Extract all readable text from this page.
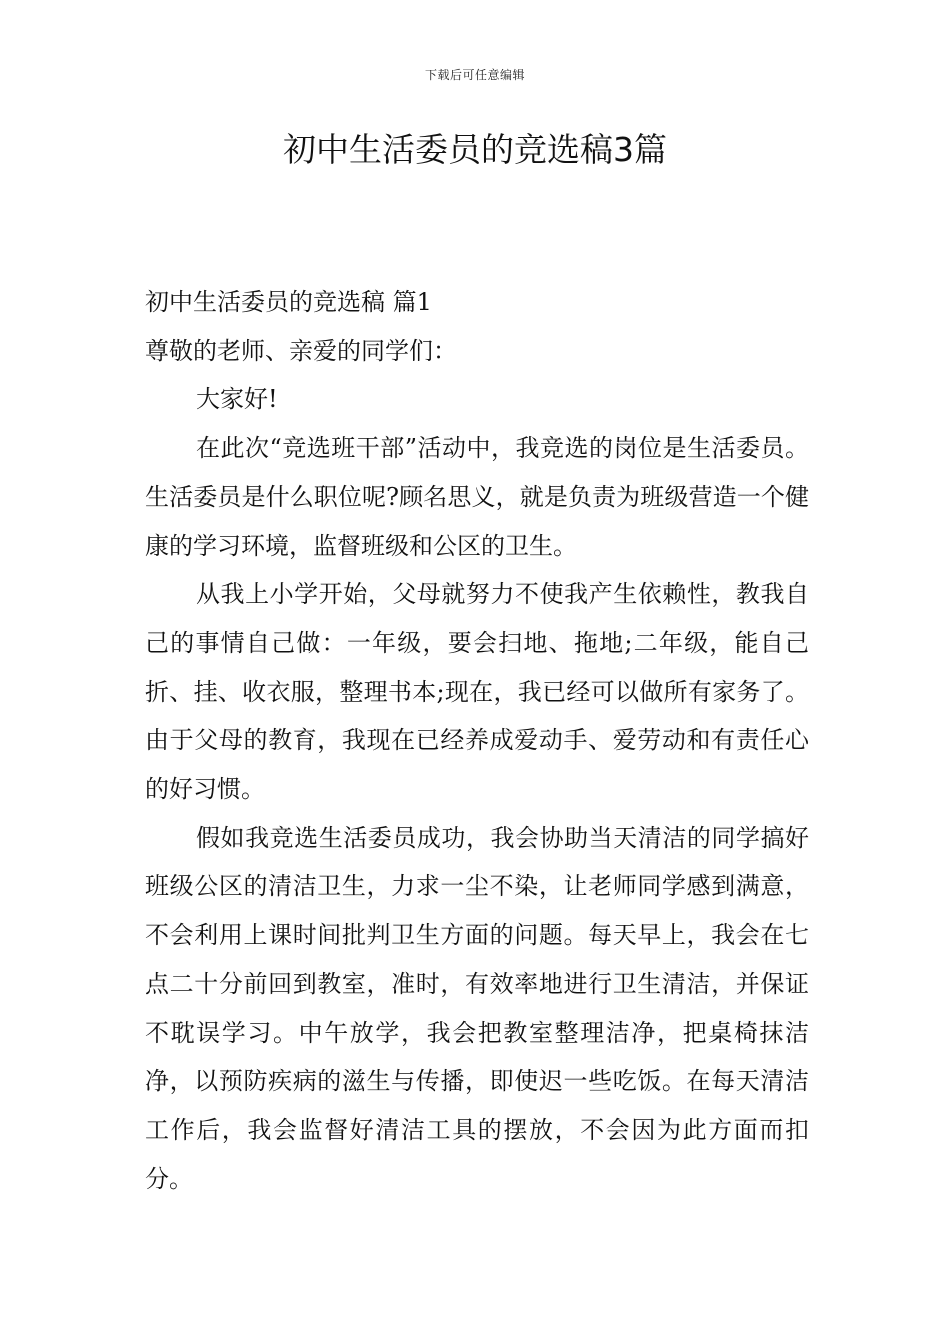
下载后可任意编辑
初中生活委员的竞选稿3篇

初中生活委员的竞选稿 篇1

尊敬的老师、亲爱的同学们：

大家好!

在此次“竞选班干部”活动中，我竞选的岗位是生活委员。生活委员是什么职位呢?顾名思义，就是负责为班级营造一个健康的学习环境，监督班级和公区的卫生。

从我上小学开始，父母就努力不使我产生依赖性，教我自己的事情自己做：一年级，要会扫地、拖地;二年级，能自己折、挂、收衣服，整理书本;现在，我已经可以做所有家务了。由于父母的教育，我现在已经养成爱动手、爱劳动和有责任心的好习惯。

假如我竞选生活委员成功，我会协助当天清洁的同学搞好班级公区的清洁卫生，力求一尘不染，让老师同学感到满意，不会利用上课时间批判卫生方面的问题。每天早上，我会在七点二十分前回到教室，准时，有效率地进行卫生清洁，并保证不耽误学习。中午放学，我会把教室整理洁净，把桌椅抹洁净，以预防疾病的滋生与传播，即使迟一些吃饭。在每天清洁工作后，我会监督好清洁工具的摆放，不会因为此方面而扣分。
